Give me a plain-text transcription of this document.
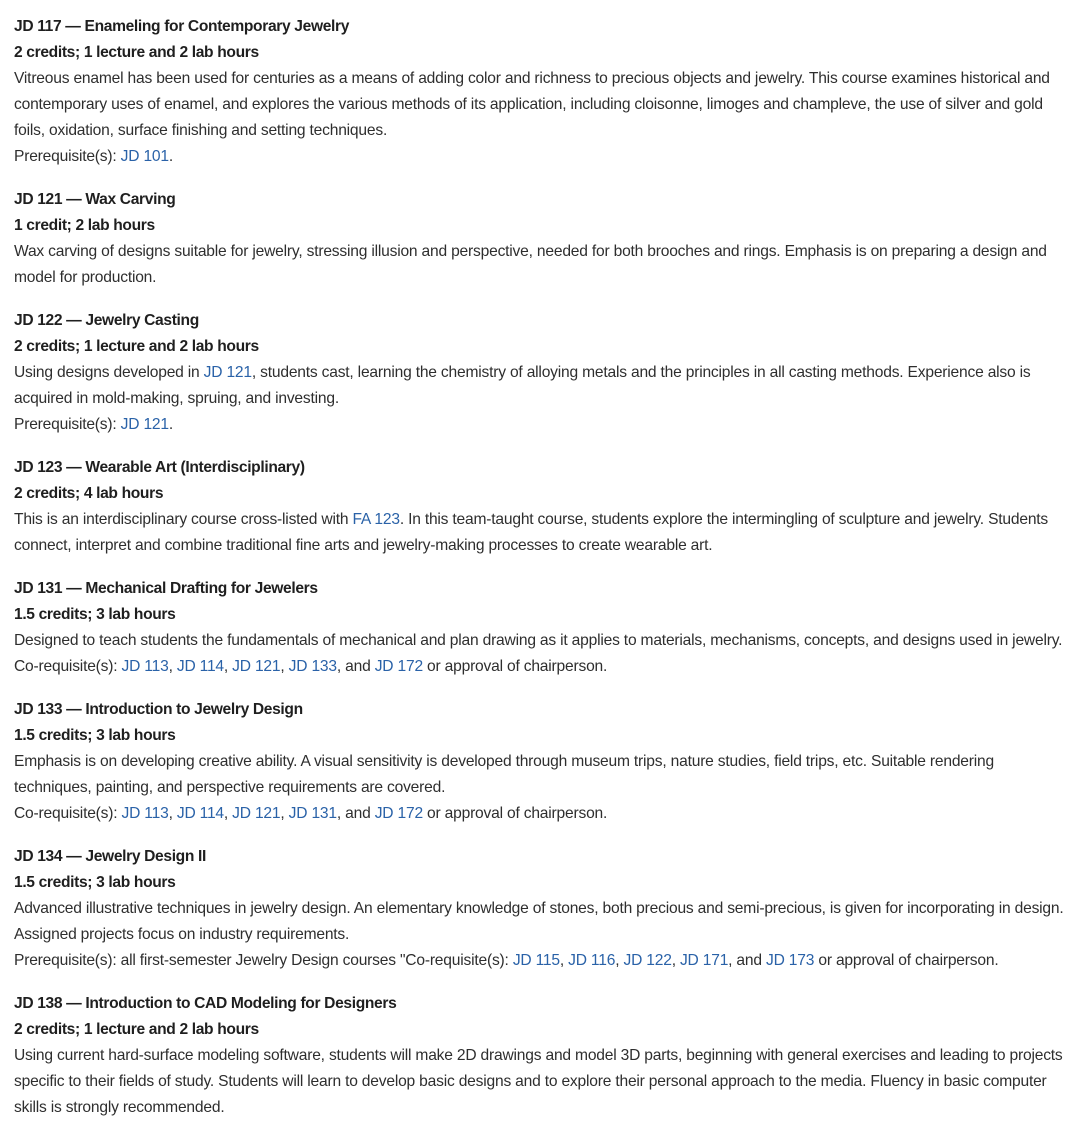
JD 117 — Enameling for Contemporary Jewelry
2 credits; 1 lecture and 2 lab hours
Vitreous enamel has been used for centuries as a means of adding color and richness to precious objects and jewelry. This course examines historical and contemporary uses of enamel, and explores the various methods of its application, including cloisonne, limoges and champleve, the use of silver and gold foils, oxidation, surface finishing and setting techniques.
Prerequisite(s): JD 101.
JD 121 — Wax Carving
1 credit; 2 lab hours
Wax carving of designs suitable for jewelry, stressing illusion and perspective, needed for both brooches and rings. Emphasis is on preparing a design and model for production.
JD 122 — Jewelry Casting
2 credits; 1 lecture and 2 lab hours
Using designs developed in JD 121, students cast, learning the chemistry of alloying metals and the principles in all casting methods. Experience also is acquired in mold-making, spruing, and investing.
Prerequisite(s): JD 121.
JD 123 — Wearable Art (Interdisciplinary)
2 credits; 4 lab hours
This is an interdisciplinary course cross-listed with FA 123. In this team-taught course, students explore the intermingling of sculpture and jewelry. Students connect, interpret and combine traditional fine arts and jewelry-making processes to create wearable art.
JD 131 — Mechanical Drafting for Jewelers
1.5 credits; 3 lab hours
Designed to teach students the fundamentals of mechanical and plan drawing as it applies to materials, mechanisms, concepts, and designs used in jewelry.
Co-requisite(s): JD 113, JD 114, JD 121, JD 133, and JD 172 or approval of chairperson.
JD 133 — Introduction to Jewelry Design
1.5 credits; 3 lab hours
Emphasis is on developing creative ability. A visual sensitivity is developed through museum trips, nature studies, field trips, etc. Suitable rendering techniques, painting, and perspective requirements are covered.
Co-requisite(s): JD 113, JD 114, JD 121, JD 131, and JD 172 or approval of chairperson.
JD 134 — Jewelry Design II
1.5 credits; 3 lab hours
Advanced illustrative techniques in jewelry design. An elementary knowledge of stones, both precious and semi-precious, is given for incorporating in design. Assigned projects focus on industry requirements.
Prerequisite(s): all first-semester Jewelry Design courses "Co-requisite(s): JD 115, JD 116, JD 122, JD 171, and JD 173 or approval of chairperson.
JD 138 — Introduction to CAD Modeling for Designers
2 credits; 1 lecture and 2 lab hours
Using current hard-surface modeling software, students will make 2D drawings and model 3D parts, beginning with general exercises and leading to projects specific to their fields of study. Students will learn to develop basic designs and to explore their personal approach to the media. Fluency in basic computer skills is strongly recommended.
